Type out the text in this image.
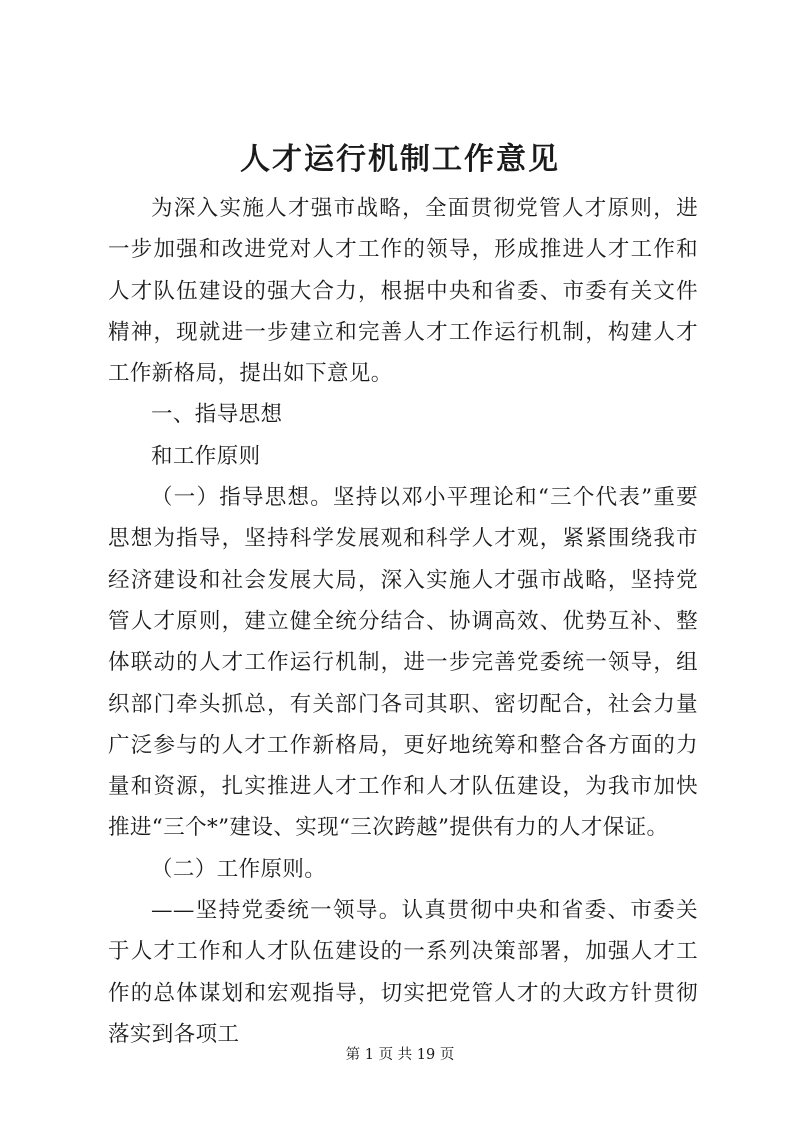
人才运行机制工作意见

为深入实施人才强市战略，全面贯彻党管人才原则，进一步加强和改进党对人才工作的领导，形成推进人才工作和人才队伍建设的强大合力，根据中央和省委、市委有关文件精神，现就进一步建立和完善人才工作运行机制，构建人才工作新格局，提出如下意见。

一、指导思想

和工作原则

（一）指导思想。坚持以邓小平理论和“三个代表”重要思想为指导，坚持科学发展观和科学人才观，紧紧围绕我市经济建设和社会发展大局，深入实施人才强市战略，坚持党管人才原则，建立健全统分结合、协调高效、优势互补、整体联动的人才工作运行机制，进一步完善党委统一领导，组织部门牵头抓总，有关部门各司其职、密切配合，社会力量广泛参与的人才工作新格局，更好地统筹和整合各方面的力量和资源，扎实推进人才工作和人才队伍建设，为我市加快推进“三个*”建设、实现“三次跨越”提供有力的人才保证。

（二）工作原则。

——坚持党委统一领导。认真贯彻中央和省委、市委关于人才工作和人才队伍建设的一系列决策部署，加强人才工作的总体谋划和宏观指导，切实把党管人才的大政方针贯彻落实到各项工

第 1 页 共 19 页
